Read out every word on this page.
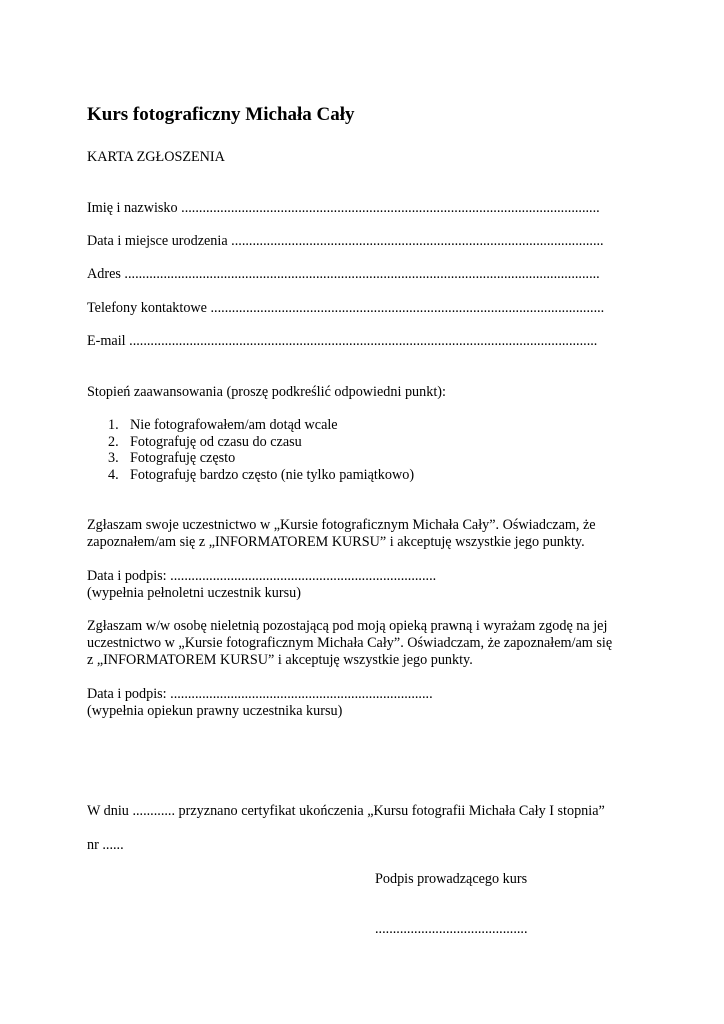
Kurs fotograficzny Michała Cały
KARTA ZGŁOSZENIA
Imię i nazwisko ......................................................................................................................
Data i miejsce urodzenia .........................................................................................................
Adres ......................................................................................................................................
Telefony kontaktowe ...............................................................................................................
E-mail ....................................................................................................................................
Stopień zaawansowania (proszę podkreślić odpowiedni punkt):
1. Nie fotografowałem/am dotąd wcale
2. Fotografuję od czasu do czasu
3. Fotografuję często
4. Fotografuję bardzo często (nie tylko pamiątkowo)
Zgłaszam swoje uczestnictwo w „Kursie fotograficznym Michała Cały”. Oświadczam, że
zapoznałem/am się z „INFORMATOREM KURSU” i akceptuję wszystkie jego punkty.
Data i podpis: ...........................................................................
(wypełnia pełnoletni uczestnik kursu)
Zgłaszam w/w osobę nieletnią pozostającą pod moją opieką prawną i wyrażam zgodę na jej
uczestnictwo w „Kursie fotograficznym Michała Cały”. Oświadczam, że zapoznałem/am się
z „INFORMATOREM KURSU” i akceptuję wszystkie jego punkty.
Data i podpis: ..........................................................................
(wypełnia opiekun prawny uczestnika kursu)
W dniu ............ przyznano certyfikat ukończenia „Kursu fotografii Michała Cały I stopnia”
nr ......
Podpis prowadzącego kurs
...........................................
